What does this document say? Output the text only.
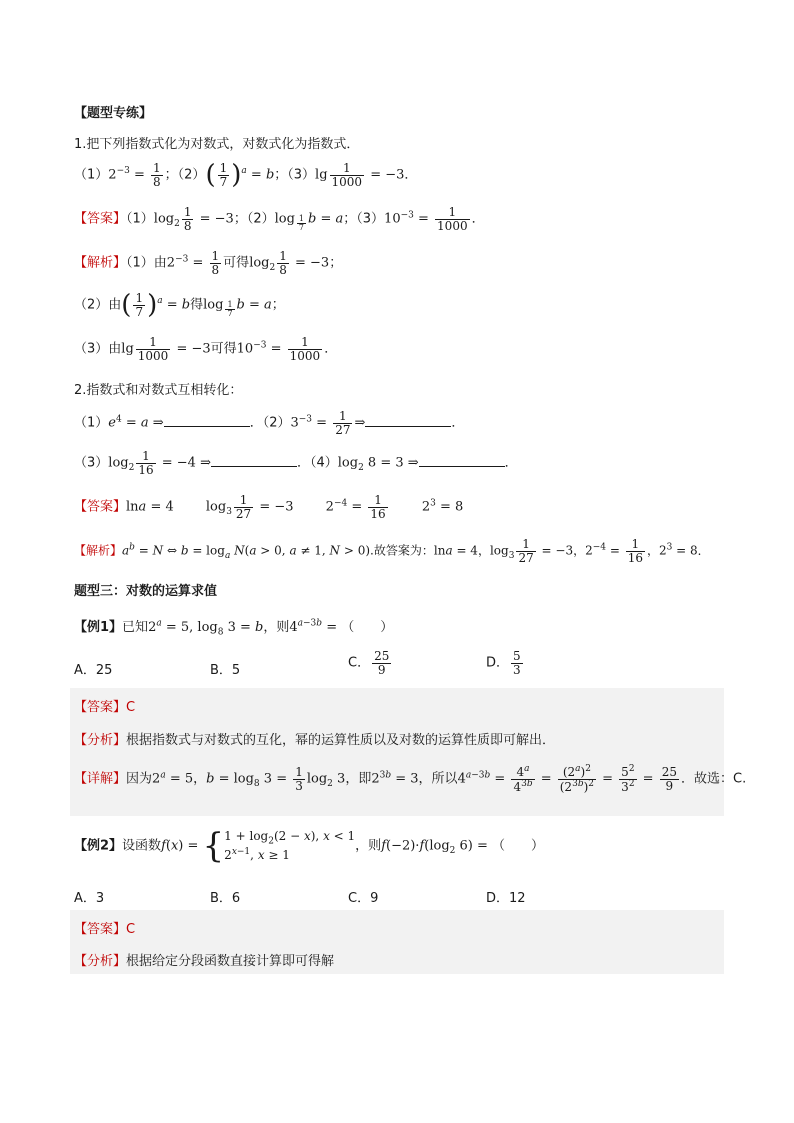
【题型专练】
1.把下列指数式化为对数式，对数式化为指数式．
$(1)2^{-3} = \frac{1}{8}$ ；$(2)( \frac{1}{7} )^a = b$；$(3)\lg \frac{1}{1000} = -3$．
【答案】$(1)\log_2 \frac{1}{8} = -3$；（2）log $_{\frac{1}{7}}$ b = a；$(3)10^{-3} = \frac{1}{1000}$ ．
【解析】（1）由$2^{-3} = \frac{1}{8}$ 可得$\log_2 \frac{1}{8} = -3$；
（2）由( $\frac{1}{7} )^a = b$得log $_{\frac{1}{7}}$ b = a；
（3）由$\lg \frac{1}{1000} = -3$可得$10^{-3} = \frac{1}{1000}$ ．
2.指数式和对数式互相转化：
$(1)e^4 = a$ ⇒	．$(2)3^{-3} = \frac{1}{27}$ ⇒	．
$(3)\log_2 \frac{1}{16} = -4$ ⇒	．$(4)\log_2$ 8 = 3 ⇒	．
【答案】lna = 4 $\log_3 \frac{1}{27} = -3$ $2^{-4} = \frac{1}{16}$	$2^3 = 8$
【解析】$a^b = N$ ⇔ $b = \log_a N(a > 0$, a ≠ 1, N > 0).故答案为：lna = 4，$\log_3 \frac{1}{27} = -3$，$2^{-4} = \frac{1}{16}$ ，$2^3 = 8$．
题型三：对数的运算求值
【例1】已知$2^a = 5$, $\log_8 3 = b$，则$4^{a-3b}$ = （　　）
A．25	B．5	C． $\frac{25}{9}$	D． $\frac{5}{3}$
【答案】C
【分析】根据指数式与对数式的互化，幂的运算性质以及对数的运算性质即可解出．
【详解】因为$2^a = 5$，$b = \log_8 3 = \frac{1}{3} \log_2 3$，即$2^{3b} = 3$，所以$4^{a-3b} = \frac{4^a}{4^{3b}} = \frac{(2^a)^2}{(2^{3b})^2} = \frac{5^2}{3^2} = \frac{25}{9}$ ．故选：C.
【例2】设函数f(x) = { $1 + \log_2(2 - x)$, x < 1
$2^{x-1}$, x ≥ 1
，则$f(-2)\cdot f(\log_2$ 6) = （　　）
A．3	B．6	C．9	D．12
【答案】C
【分析】根据给定分段函数直接计算即可得解
